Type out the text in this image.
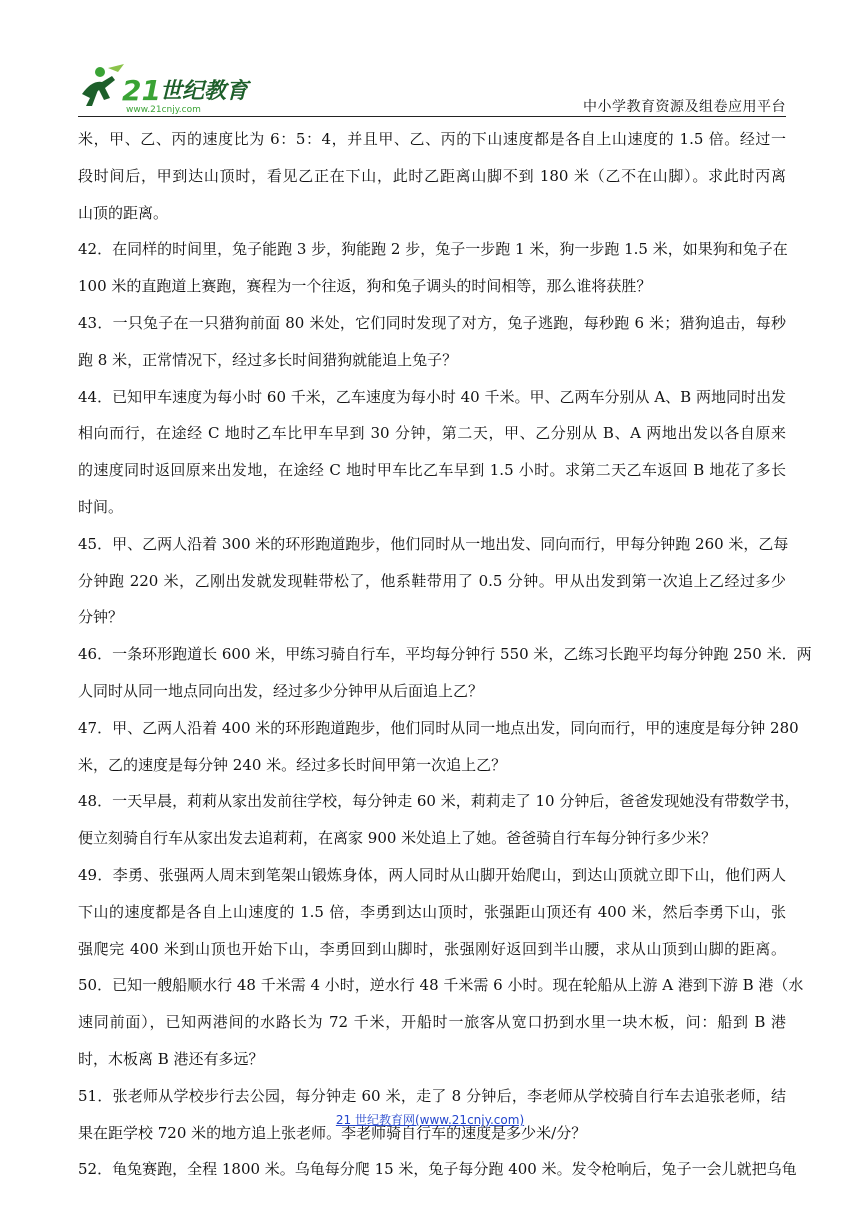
21 世纪教育
www.21cnjy.com	中小学教育资源及组卷应用平台
米，甲、乙、丙的速度比为 6：5：4，并且甲、乙、丙的下山速度都是各自上山速度的 1.5 倍。经过一
段时间后，甲到达山顶时，看见乙正在下山，此时乙距离山脚不到 180 米（乙不在山脚）。求此时丙离
山顶的距离。
42．在同样的时间里，兔子能跑 3 步，狗能跑 2 步，兔子一步跑 1 米，狗一步跑 1.5 米，如果狗和兔子在
100 米的直跑道上赛跑，赛程为一个往返，狗和兔子调头的时间相等，那么谁将获胜？
43．一只兔子在一只猎狗前面 80 米处，它们同时发现了对方，兔子逃跑，每秒跑 6 米；猎狗追击，每秒
跑 8 米，正常情况下，经过多长时间猎狗就能追上兔子？
44．已知甲车速度为每小时 60 千米，乙车速度为每小时 40 千米。甲、乙两车分别从 A、B 两地同时出发
相向而行，在途经 C 地时乙车比甲车早到 30 分钟，第二天，甲、乙分别从 B、A 两地出发以各自原来
的速度同时返回原来出发地，在途经 C 地时甲车比乙车早到 1.5 小时。求第二天乙车返回 B 地花了多长
时间。
45．甲、乙两人沿着 300 米的环形跑道跑步，他们同时从一地出发、同向而行，甲每分钟跑 260 米，乙每
分钟跑 220 米，乙刚出发就发现鞋带松了，他系鞋带用了 0.5 分钟。甲从出发到第一次追上乙经过多少
分钟？
46．一条环形跑道长 600 米，甲练习骑自行车，平均每分钟行 550 米，乙练习长跑平均每分钟跑 250 米．两
人同时从同一地点同向出发，经过多少分钟甲从后面追上乙？
47．甲、乙两人沿着 400 米的环形跑道跑步，他们同时从同一地点出发，同向而行，甲的速度是每分钟 280
米，乙的速度是每分钟 240 米。经过多长时间甲第一次追上乙？
48．一天早晨，莉莉从家出发前往学校，每分钟走 60 米，莉莉走了 10 分钟后，爸爸发现她没有带数学书，
便立刻骑自行车从家出发去追莉莉，在离家 900 米处追上了她。爸爸骑自行车每分钟行多少米？
49．李勇、张强两人周末到笔架山锻炼身体，两人同时从山脚开始爬山，到达山顶就立即下山，他们两人
下山的速度都是各自上山速度的 1.5 倍，李勇到达山顶时，张强距山顶还有 400 米，然后李勇下山，张
强爬完 400 米到山顶也开始下山，李勇回到山脚时，张强刚好返回到半山腰，求从山顶到山脚的距离。
50．已知一艘船顺水行 48 千米需 4 小时，逆水行 48 千米需 6 小时。现在轮船从上游 A 港到下游 B 港（水
速同前面），已知两港间的水路长为 72 千米，开船时一旅客从宽口扔到水里一块木板，问：船到 B 港
时，木板离 B 港还有多远？
51．张老师从学校步行去公园，每分钟走 60 米，走了 8 分钟后，李老师从学校骑自行车去追张老师，结
果在距学校 720 米的地方追上张老师。李老师骑自行车的速度是多少米/分？
52．龟兔赛跑，全程 1800 米。乌龟每分爬 15 米，兔子每分跑 400 米。发令枪响后，兔子一会儿就把乌龟
21 世纪教育网(www.21cnjy.com)
